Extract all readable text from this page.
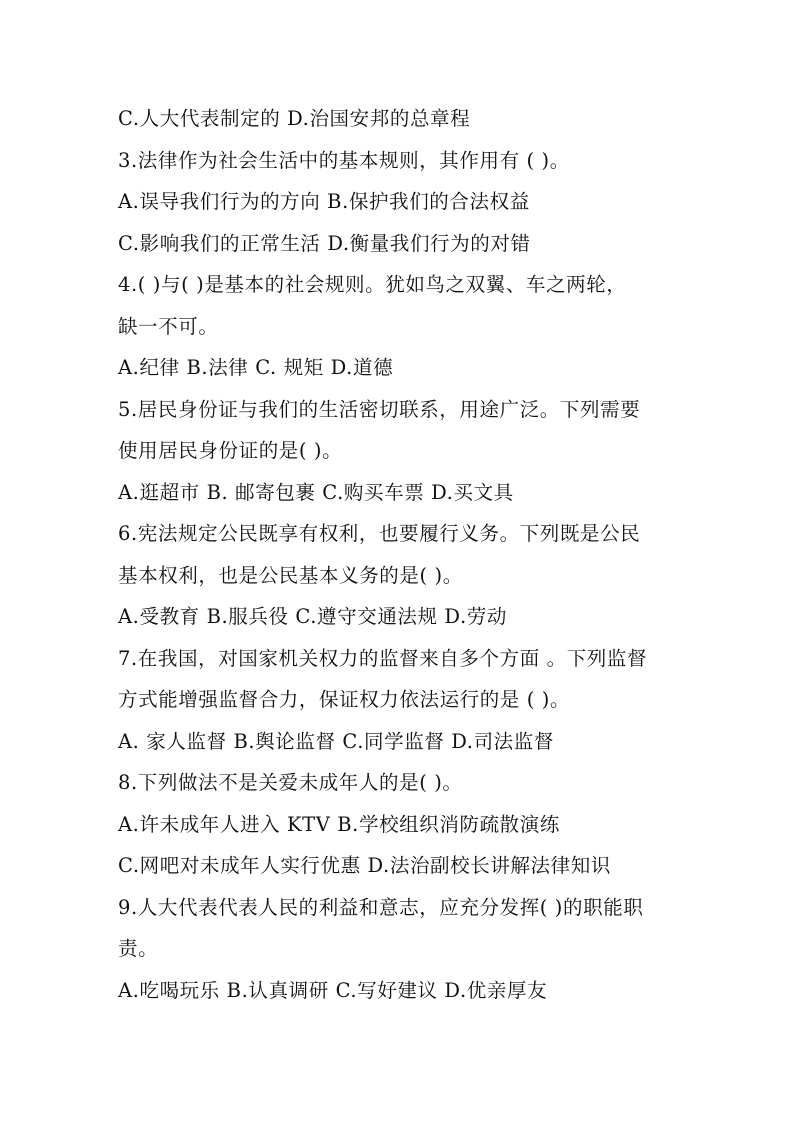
C.人大代表制定的 D.治国安邦的总章程
3.法律作为社会生活中的基本规则，其作用有 ( )。
A.误导我们行为的方向 B.保护我们的合法权益
C.影响我们的正常生活 D.衡量我们行为的对错
4.( )与( )是基本的社会规则。犹如鸟之双翼、车之两轮，
缺一不可。
A.纪律 B.法律 C. 规矩 D.道德
5.居民身份证与我们的生活密切联系，用途广泛。下列需要
使用居民身份证的是( )。
A.逛超市 B. 邮寄包裹 C.购买车票 D.买文具
6.宪法规定公民既享有权利，也要履行义务。下列既是公民
基本权利，也是公民基本义务的是( )。
A.受教育 B.服兵役 C.遵守交通法规 D.劳动
7.在我国，对国家机关权力的监督来自多个方面 。下列监督
方式能增强监督合力，保证权力依法运行的是 ( )。
A. 家人监督 B.舆论监督 C.同学监督 D.司法监督
8.下列做法不是关爱未成年人的是( )。
A.许未成年人进入 KTV B.学校组织消防疏散演练
C.网吧对未成年人实行优惠 D.法治副校长讲解法律知识
9.人大代表代表人民的利益和意志，应充分发挥( )的职能职
责。
A.吃喝玩乐 B.认真调研 C.写好建议 D.优亲厚友
